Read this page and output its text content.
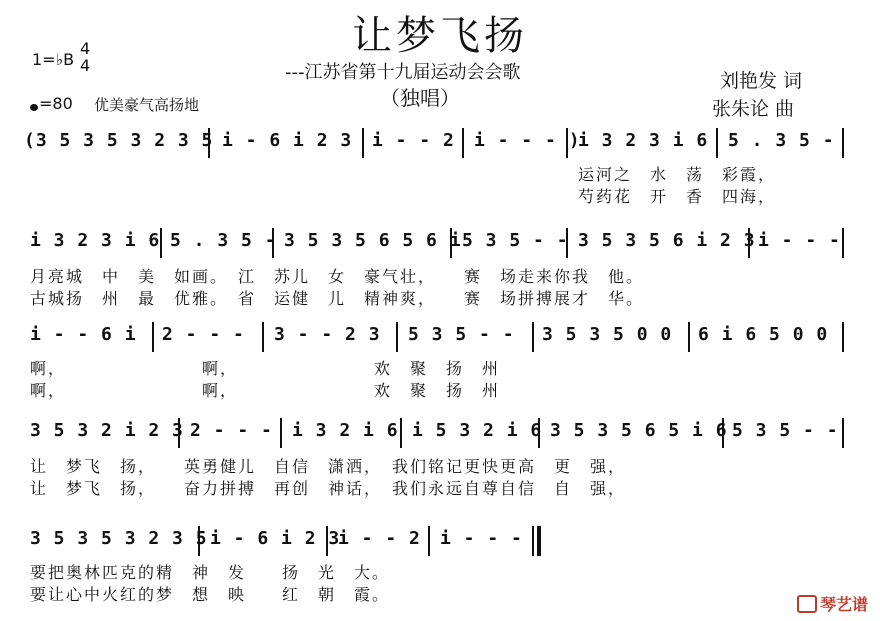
让梦飞扬
---江苏省第十九届运动会会歌
（独唱）
刘艳发 词
张朱论 曲
1=♭B
4
4
=80 优美豪气高扬地
(3 5 3 5 3 2 3 5 i - 6 i 2 3 i - - 2 i - - - )
i 3 2 3 i 6 5 . 3 5 -
运河之　水　荡　彩霞，
芍药花　开　香　四海，
i 3 2 3 i 6 5 . 3 5 - 3 5 3 5 6 5 6 i 5 3 5 - - 3 5 3 5 6 i 2 3 i - - -
月亮城　中　美　如画。　江　苏儿　女　豪气壮，　　赛　场走来你我　他。
古城扬　州　最　优雅。　省　运健　儿　精神爽，　　赛　场拼搏展才　华。
i - - 6 i 2 - - - 3 - - 2 3 5 3 5 - - 3 5 3 5 0 0 6 i 6 5 0 0
啊，　　　　　　　　啊，　　　　　　　　欢　聚　扬　州
啊，　　　　　　　　啊，　　　　　　　　欢　聚　扬　州
3 5 3 2 i 2 3 2 - - - i 3 2 i 6 i 5 3 2 i 6 3 5 3 5 6 5 i 6 5 3 5 - -
让　梦飞　扬，　　英勇健儿　自信　潇洒，　我们铭记更快更高　更　强，
让　梦飞　扬，　　奋力拼搏　再创　神话，　我们永远自尊自信　自　强，
3 5 3 5 3 2 3 5 i - 6 i 2 3
i - - 2 i - - -
要把奥林匹克的精　神　发　　扬　光　大。
要让心中火红的梦　想　映　　红　朝　霞。
琴艺谱
